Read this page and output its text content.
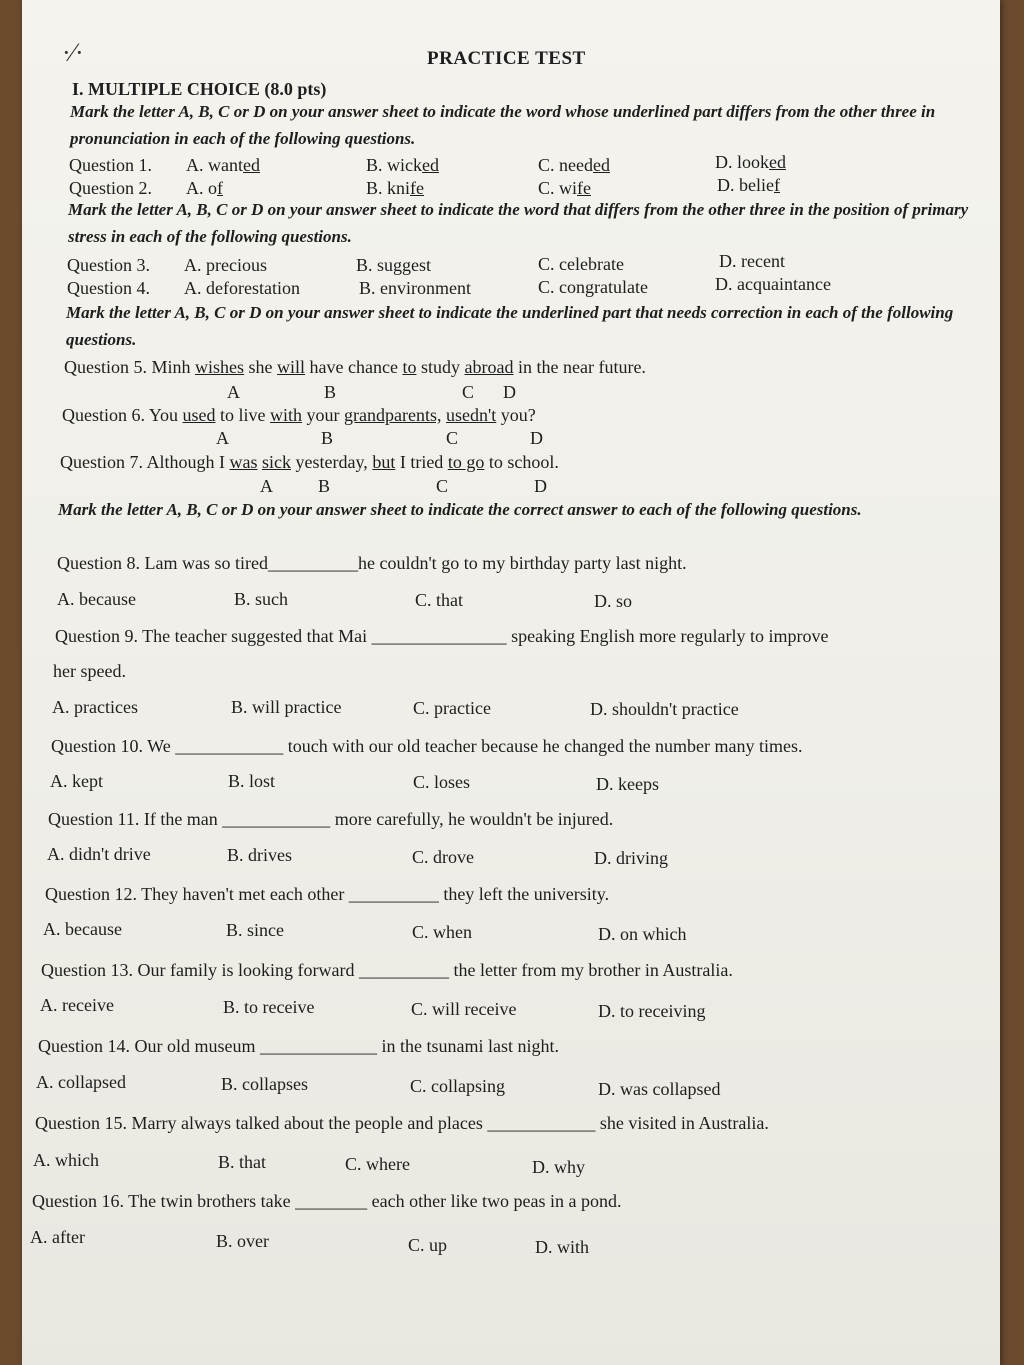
·⁄·	PRACTICE TEST
I. MULTIPLE CHOICE (8.0 pts)
Mark the letter A, B, C or D on your answer sheet to indicate the word whose underlined part differs from the other three in pronunciation in each of the following questions.
Question 1. A. wanted	B. wicked	C. needed	D. looked
Question 2. A. of	B. knife	C. wife	D. belief
Mark the letter A, B, C or D on your answer sheet to indicate the word that differs from the other three in the position of primary stress in each of the following questions.
Question 3. A. precious	B. suggest	C. celebrate	D. recent
Question 4. A. deforestation	B. environment	C. congratulate	D. acquaintance
Mark the letter A, B, C or D on your answer sheet to indicate the underlined part that needs correction in each of the following questions.
Question 5. Minh wishes she will have chance to study abroad in the near future.
A	B	C D
Question 6. You used to live with your grandparents, usedn't you?
A	B	C	D
Question 7. Although I was sick yesterday, but I tried to go to school.
A	B	C	D
Mark the letter A, B, C or D on your answer sheet to indicate the correct answer to each of the following questions.
Question 8. Lam was so tired__________he couldn't go to my birthday party last night.
A. because	B. such	C. that	D. so
Question 9. The teacher suggested that Mai _______________ speaking English more regularly to improve
her speed.
A. practices	B. will practice	C. practice	D. shouldn't practice
Question 10. We ____________ touch with our old teacher because he changed the number many times.
A. kept	B. lost	C. loses	D. keeps
Question 11. If the man ____________ more carefully, he wouldn't be injured.
A. didn't drive	B. drives	C. drove	D. driving
Question 12. They haven't met each other __________ they left the university.
A. because	B. since	C. when	D. on which
Question 13. Our family is looking forward __________ the letter from my brother in Australia.
A. receive	B. to receive	C. will receive	D. to receiving
Question 14. Our old museum _____________ in the tsunami last night.
A. collapsed	B. collapses	C. collapsing	D. was collapsed
Question 15. Marry always talked about the people and places ____________ she visited in Australia.
A. which	B. that	C. where	D. why
Question 16. The twin brothers take ________ each other like two peas in a pond.
A. after	B. over	C. up	D. with
